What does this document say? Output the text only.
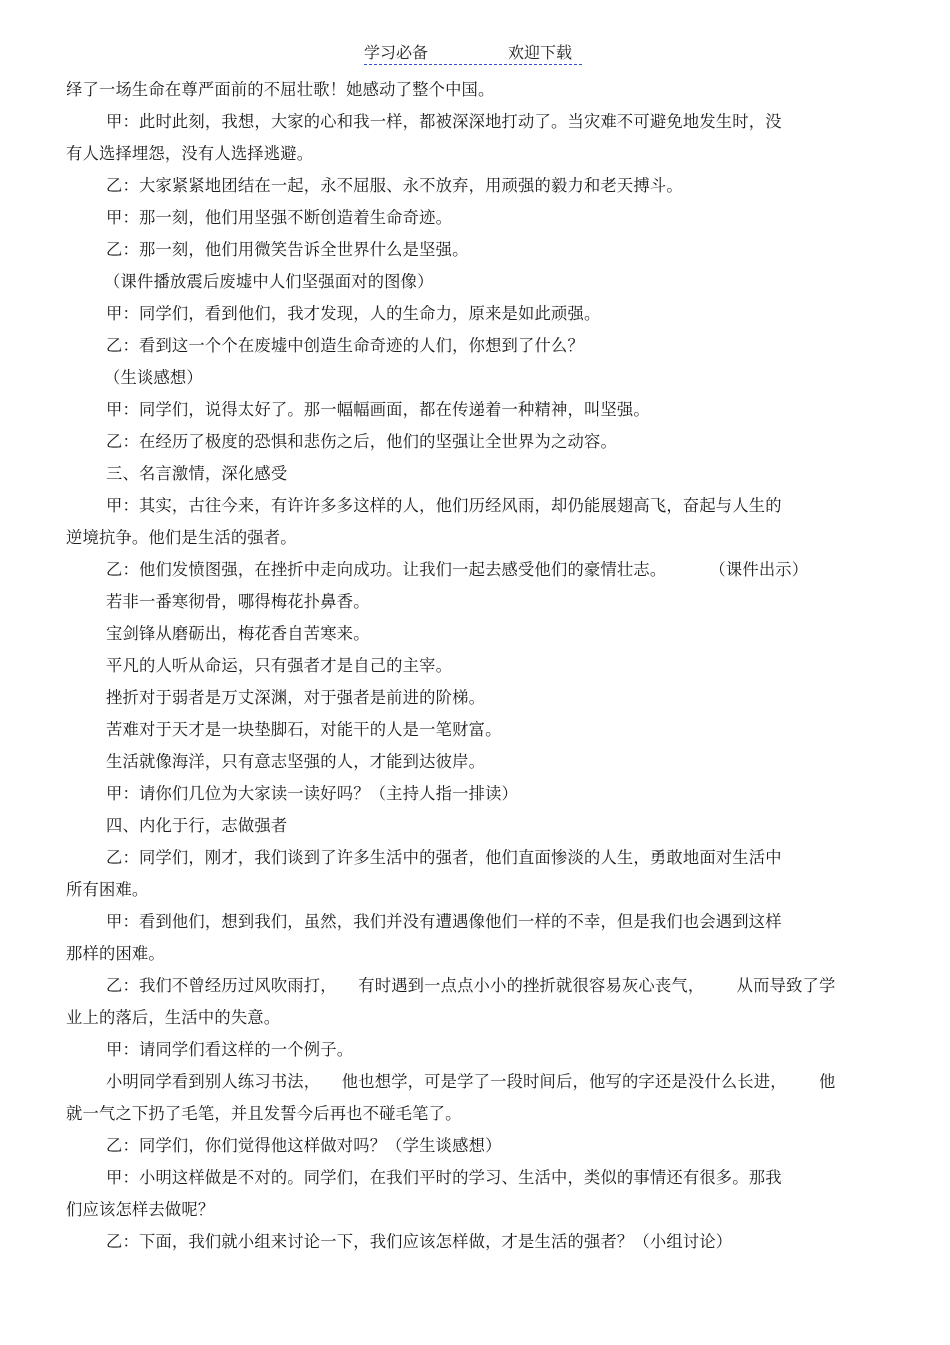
学习必备	欢迎下载
绎了一场生命在尊严面前的不屈壮歌！她感动了整个中国。
甲：此时此刻，我想，大家的心和我一样，都被深深地打动了。当灾难不可避免地发生时，没
有人选择埋怨，没有人选择逃避。
乙：大家紧紧地团结在一起，永不屈服、永不放弃，用顽强的毅力和老天搏斗。
甲：那一刻，他们用坚强不断创造着生命奇迹。
乙：那一刻，他们用微笑告诉全世界什么是坚强。
（课件播放震后废墟中人们坚强面对的图像）
甲：同学们，看到他们，我才发现，人的生命力，原来是如此顽强。
乙：看到这一个个在废墟中创造生命奇迹的人们，你想到了什么？
（生谈感想）
甲：同学们，说得太好了。那一幅幅画面，都在传递着一种精神，叫坚强。
乙：在经历了极度的恐惧和悲伤之后，他们的坚强让全世界为之动容。
三、名言激情，深化感受
甲：其实，古往今来，有许许多多这样的人，他们历经风雨，却仍能展翅高飞，奋起与人生的
逆境抗争。他们是生活的强者。
乙：他们发愤图强，在挫折中走向成功。让我们一起去感受他们的豪情壮志。        （课件出示）
若非一番寒彻骨，哪得梅花扑鼻香。
宝剑锋从磨砺出，梅花香自苦寒来。
平凡的人听从命运，只有强者才是自己的主宰。
挫折对于弱者是万丈深渊，对于强者是前进的阶梯。
苦难对于天才是一块垫脚石，对能干的人是一笔财富。
生活就像海洋，只有意志坚强的人，才能到达彼岸。
甲：请你们几位为大家读一读好吗？（主持人指一排读）
四、内化于行，志做强者
乙：同学们，刚才，我们谈到了许多生活中的强者，他们直面惨淡的人生，勇敢地面对生活中
所有困难。
甲：看到他们，想到我们，虽然，我们并没有遭遇像他们一样的不幸，但是我们也会遇到这样
那样的困难。
乙：我们不曾经历过风吹雨打，    有时遇到一点点小小的挫折就很容易灰心丧气，      从而导致了学
业上的落后，生活中的失意。
甲：请同学们看这样的一个例子。
小明同学看到别人练习书法，    他也想学，可是学了一段时间后，他写的字还是没什么长进，      他
就一气之下扔了毛笔，并且发誓今后再也不碰毛笔了。
乙：同学们，你们觉得他这样做对吗？（学生谈感想）
甲：小明这样做是不对的。同学们，在我们平时的学习、生活中，类似的事情还有很多。那我
们应该怎样去做呢？
乙：下面，我们就小组来讨论一下，我们应该怎样做，才是生活的强者？（小组讨论）
